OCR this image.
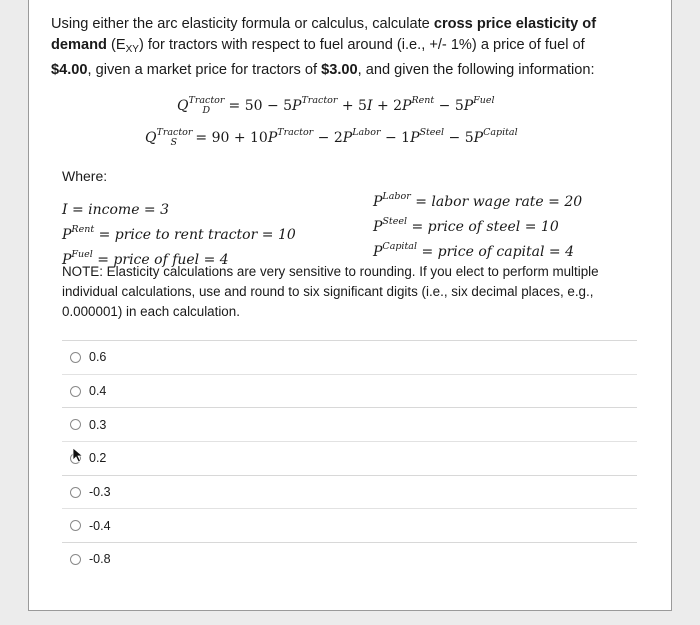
Using either the arc elasticity formula or calculus, calculate cross price elasticity of demand $(E_{XY})$ for tractors with respect to fuel around (i.e., +/- 1%) a price of fuel of $4.00, given a market price for tractors of $3.00, and given the following information:
$Q^{Tractor}_D = 50 - 5P^{Tractor} + 5I + 2P^{Rent} - 5P^{Fuel}$
$Q^{Tractor}_S = 90 + 10P^{Tractor} - 2P^{Labor} - 1P^{Steel} - 5P^{Capital}$
Where:
I = income = 3
$P^{Rent}$ = price to rent tractor = 10
$P^{Fuel}$ = price of fuel = 4
$P^{Labor}$ = labor wage rate = 20
$P^{Steel}$ = price of steel = 10
$P^{Capital}$ = price of capital = 4
NOTE: Elasticity calculations are very sensitive to rounding. If you elect to perform multiple individual calculations, use and round to six significant digits (i.e., six decimal places, e.g., 0.000001) in each calculation.
0.6
0.4
0.3
0.2
-0.3
-0.4
-0.8
